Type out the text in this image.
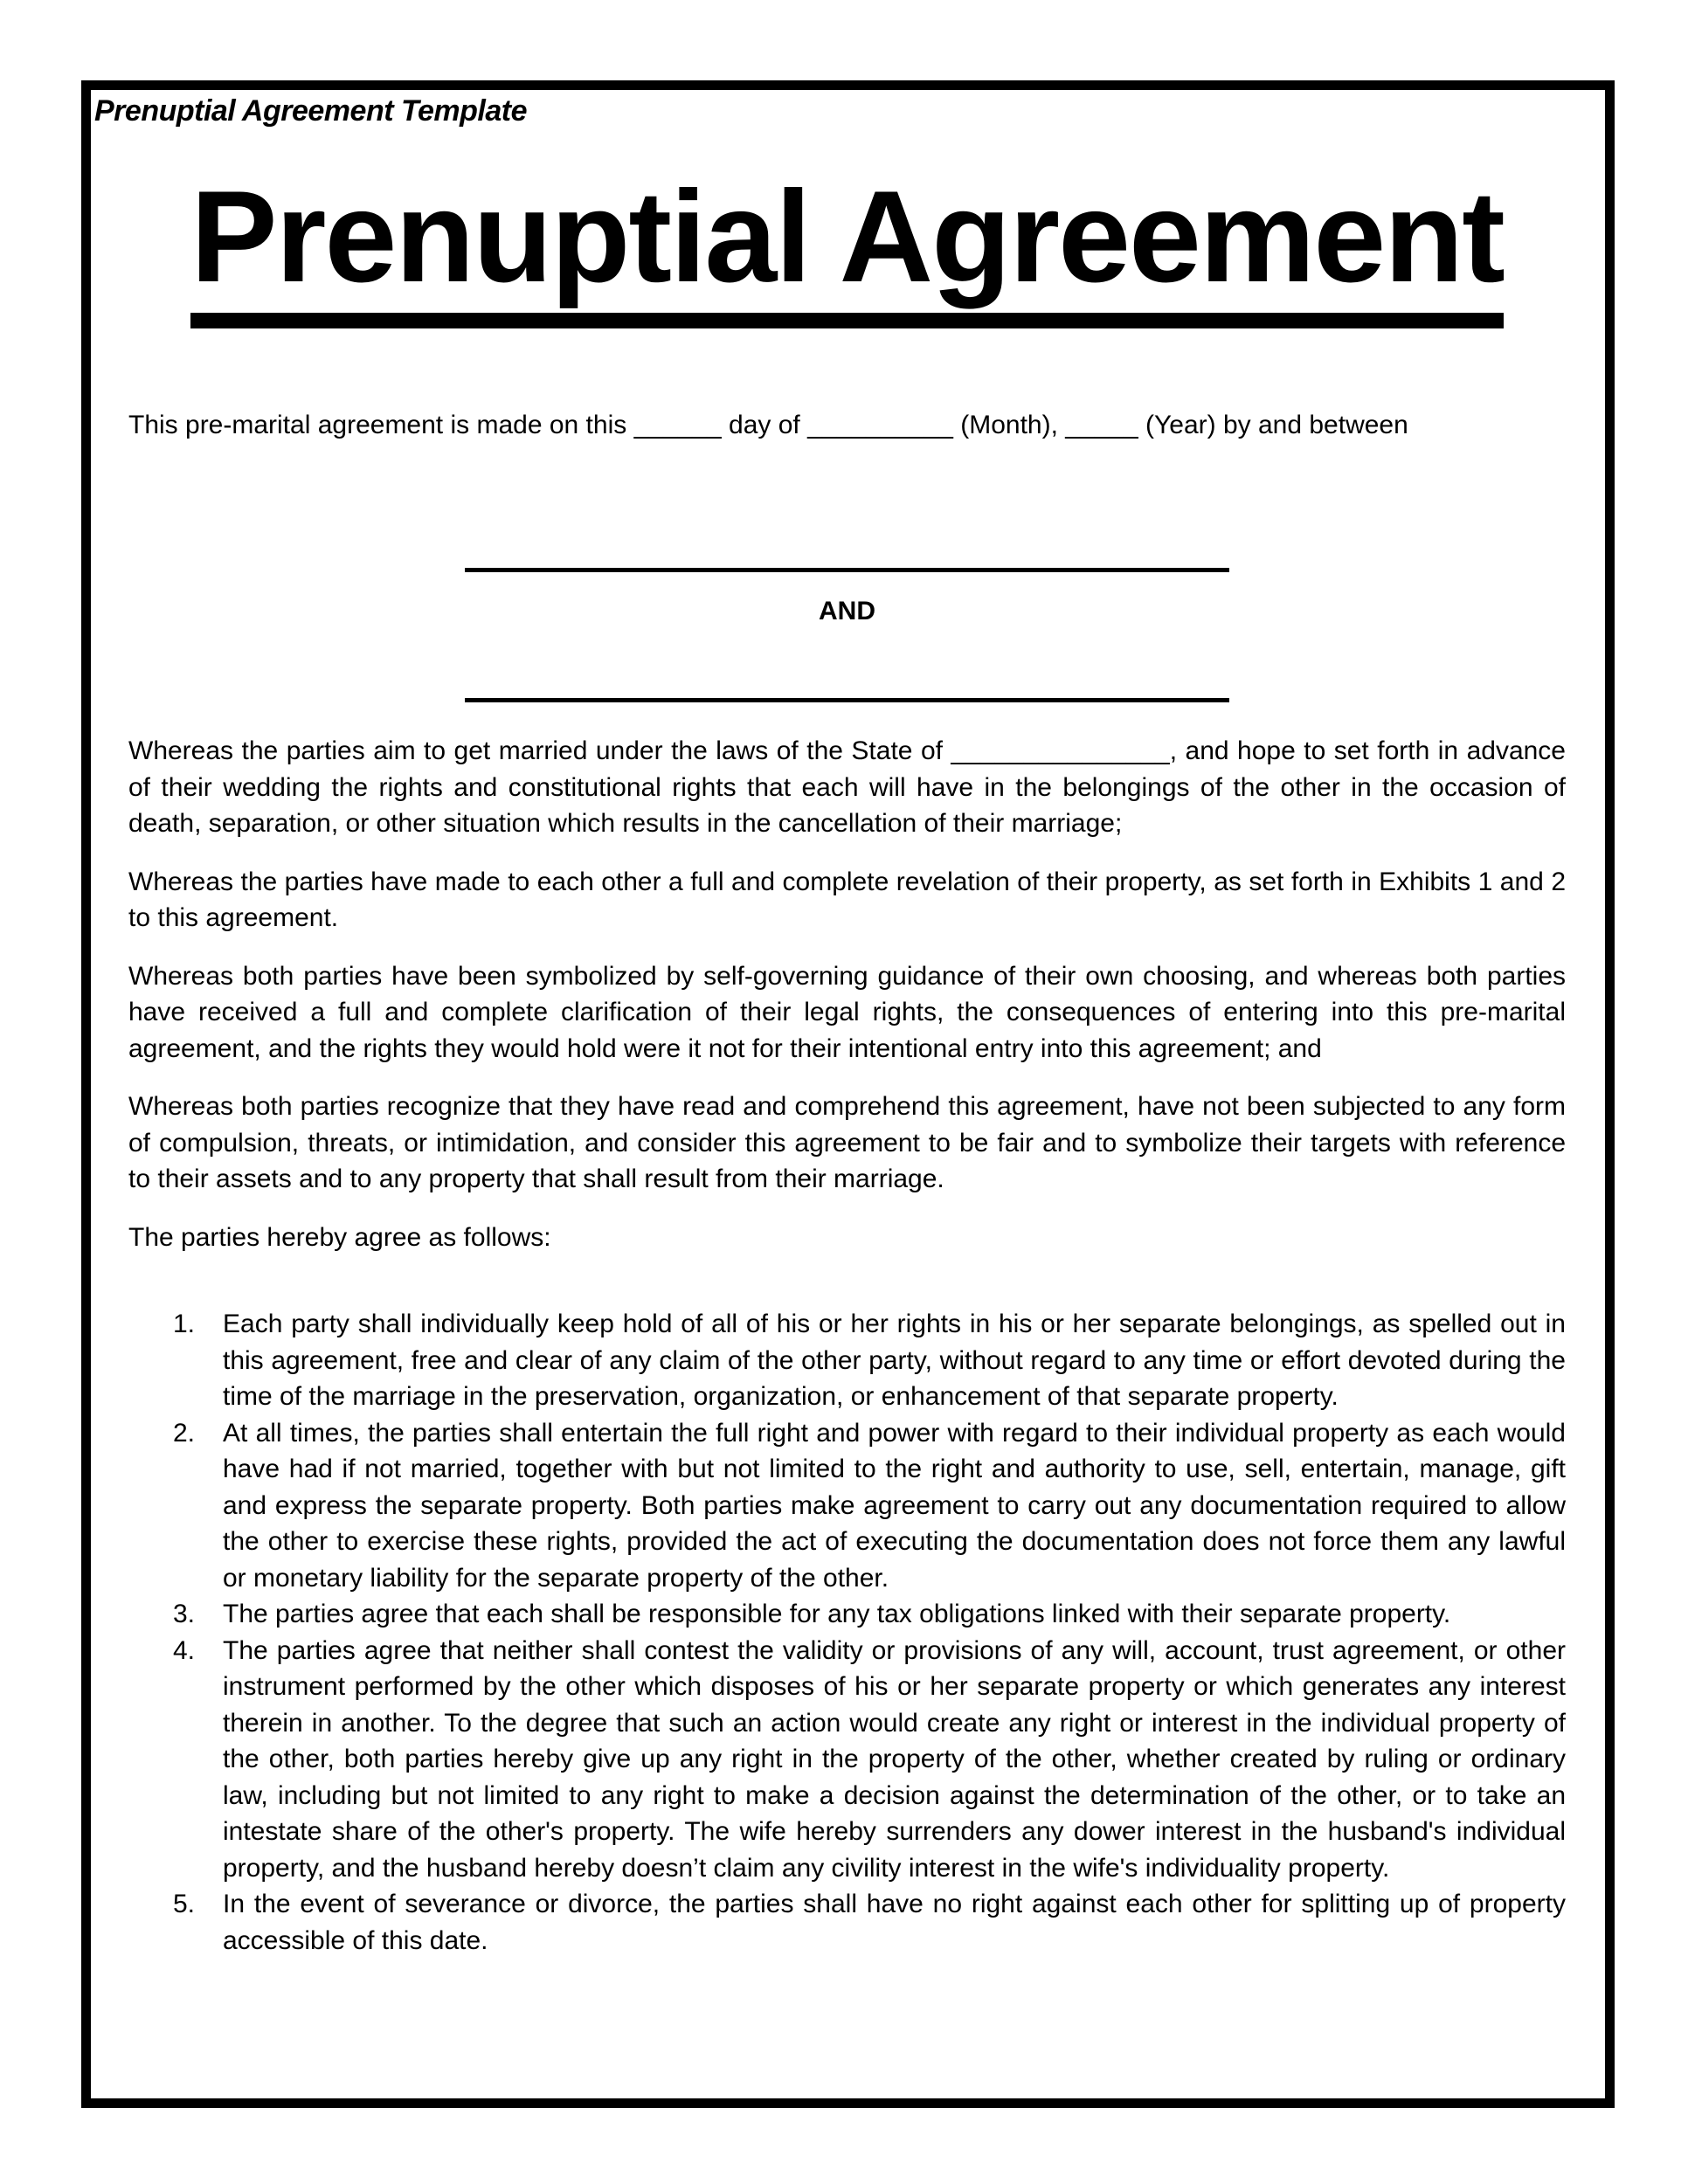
Prenuptial Agreement Template
Prenuptial Agreement
This pre-marital agreement is made on this ______ day of __________ (Month), _____ (Year) by and between
AND
Whereas the parties aim to get married under the laws of the State of _______________, and hope to set forth in advance of their wedding the rights and constitutional rights that each will have in the belongings of the other in the occasion of death, separation, or other situation which results in the cancellation of their marriage;
Whereas the parties have made to each other a full and complete revelation of their property, as set forth in Exhibits 1 and 2 to this agreement.
Whereas both parties have been symbolized by self-governing guidance of their own choosing, and whereas both parties have received a full and complete clarification of their legal rights, the consequences of entering into this pre-marital agreement, and the rights they would hold were it not for their intentional entry into this agreement; and
Whereas both parties recognize that they have read and comprehend this agreement, have not been subjected to any form of compulsion, threats, or intimidation, and consider this agreement to be fair and to symbolize their targets with reference to their assets and to any property that shall result from their marriage.
The parties hereby agree as follows:
1. Each party shall individually keep hold of all of his or her rights in his or her separate belongings, as spelled out in this agreement, free and clear of any claim of the other party, without regard to any time or effort devoted during the time of the marriage in the preservation, organization, or enhancement of that separate property.
2. At all times, the parties shall entertain the full right and power with regard to their individual property as each would have had if not married, together with but not limited to the right and authority to use, sell, entertain, manage, gift and express the separate property. Both parties make agreement to carry out any documentation required to allow the other to exercise these rights, provided the act of executing the documentation does not force them any lawful or monetary liability for the separate property of the other.
3. The parties agree that each shall be responsible for any tax obligations linked with their separate property.
4. The parties agree that neither shall contest the validity or provisions of any will, account, trust agreement, or other instrument performed by the other which disposes of his or her separate property or which generates any interest therein in another. To the degree that such an action would create any right or interest in the individual property of the other, both parties hereby give up any right in the property of the other, whether created by ruling or ordinary law, including but not limited to any right to make a decision against the determination of the other, or to take an intestate share of the other's property. The wife hereby surrenders any dower interest in the husband's individual property, and the husband hereby doesn’t claim any civility interest in the wife's individuality property.
5. In the event of severance or divorce, the parties shall have no right against each other for splitting up of property accessible of this date.
